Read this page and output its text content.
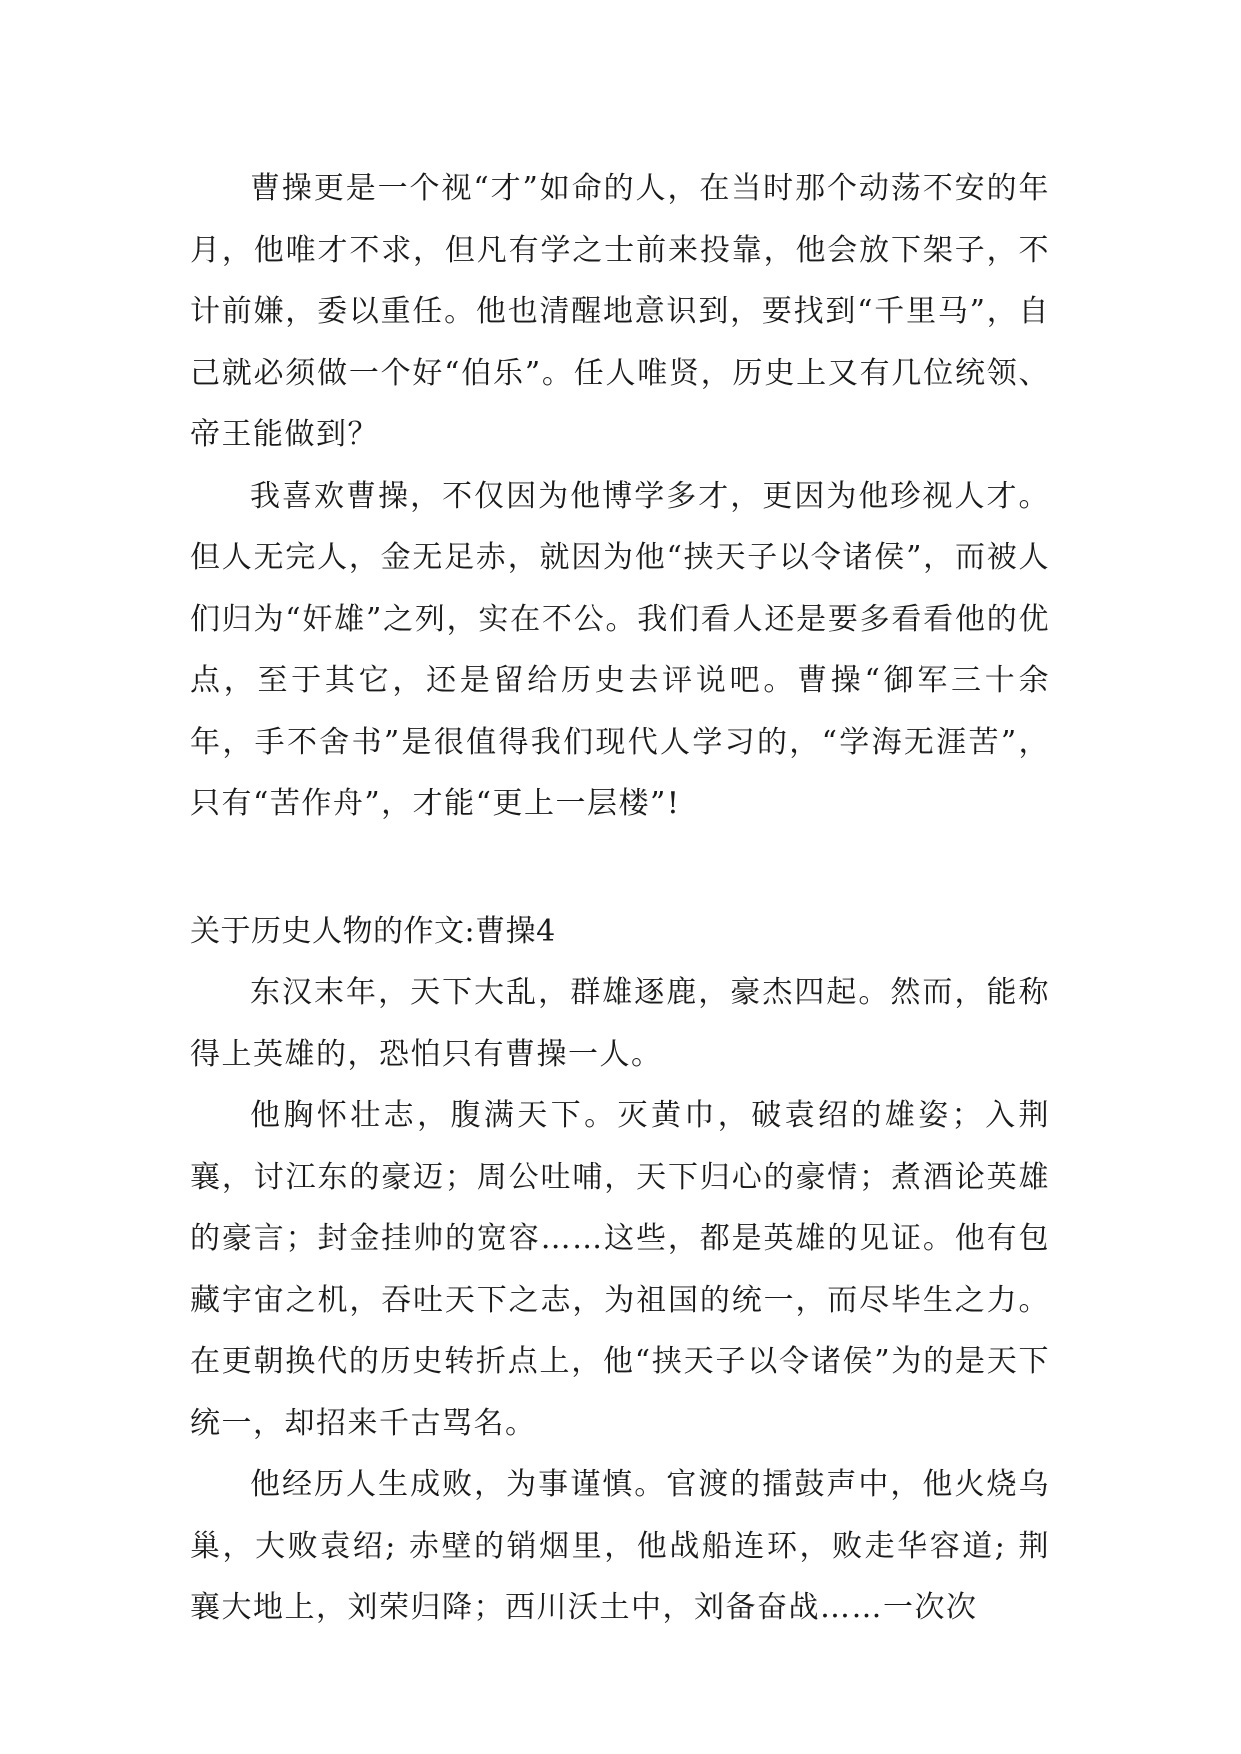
曹操更是一个视“才”如命的人，在当时那个动荡不安的年月，他唯才不求，但凡有学之士前来投靠，他会放下架子，不计前嫌，委以重任。他也清醒地意识到，要找到“千里马”，自己就必须做一个好“伯乐”。任人唯贤，历史上又有几位统领、帝王能做到？

我喜欢曹操，不仅因为他博学多才，更因为他珍视人才。但人无完人，金无足赤，就因为他“挟天子以令诸侯”，而被人们归为“奸雄”之列，实在不公。我们看人还是要多看看他的优点，至于其它，还是留给历史去评说吧。曹操“御军三十余年，手不舍书”是很值得我们现代人学习的，“学海无涯苦”，只有“苦作舟”，才能“更上一层楼”!

关于历史人物的作文:曹操4

东汉末年，天下大乱，群雄逐鹿，豪杰四起。然而，能称得上英雄的，恐怕只有曹操一人。

他胸怀壮志，腹满天下。灭黄巾，破袁绍的雄姿；入荆襄，讨江东的豪迈；周公吐哺，天下归心的豪情；煮酒论英雄的豪言；封金挂帅的宽容……这些，都是英雄的见证。他有包藏宇宙之机，吞吐天下之志，为祖国的统一，而尽毕生之力。在更朝换代的历史转折点上，他“挟天子以令诸侯”为的是天下统一，却招来千古骂名。

他经历人生成败，为事谨慎。官渡的擂鼓声中，他火烧乌巢，大败袁绍; 赤壁的销烟里，他战船连环，败走华容道; 荆襄大地上，刘荣归降；西川沃土中，刘备奋战……一次次
